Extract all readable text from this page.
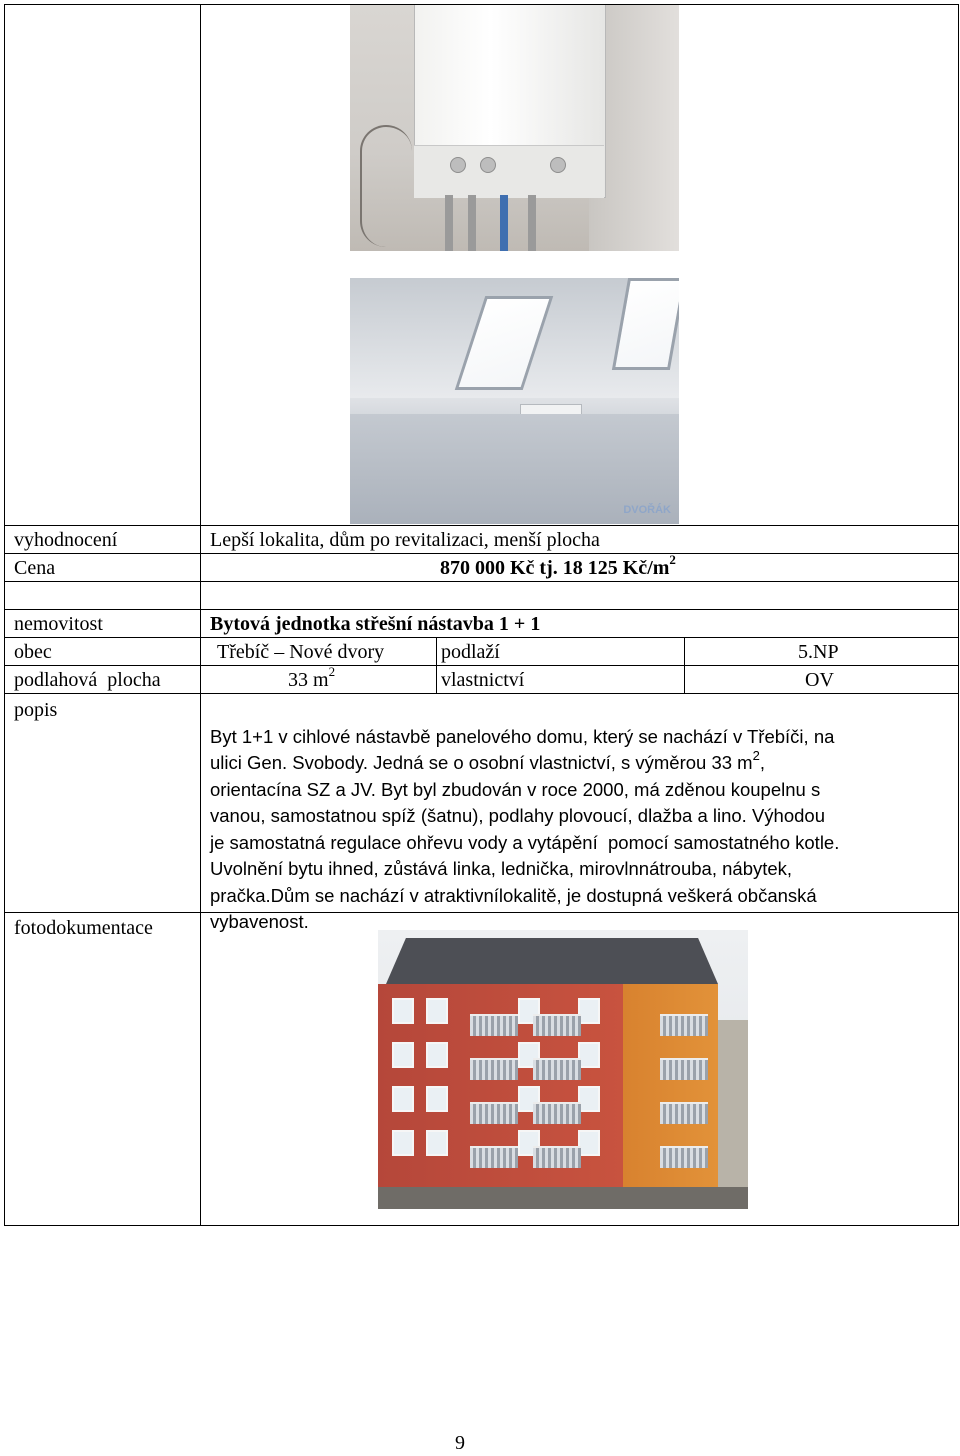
DVOŘÁK
vyhodnocení	Lepší lokalita, dům po revitalizaci, menší plocha
Cena	870 000 Kč tj. 18 125 $Kč/m^2$
nemovitost	Bytová jednotka střešní nástavba 1 + 1
obec	Třebíč – Nové dvory	podlaží	5.NP
podlahová  plocha	33 $m^2$	vlastnictví	OV
popis

Byt 1+1 v cihlové nástavbě panelového domu, který se nachází v Třebíči, na
ulici Gen. Svobody. Jedná se o osobní vlastnictví, s výměrou 33 $m^2$,
orientacína SZ a JV. Byt byl zbudován v roce 2000, má zděnou koupelnu s
vanou, samostatnou spíž (šatnu), podlahy plovoucí, dlažba a lino. Výhodou
je samostatná regulace ohřevu vody a vytápění  pomocí samostatného kotle.
Uvolnění bytu ihned, zůstává linka, lednička, mirovlnnátrouba, nábytek,
pračka.Dům se nachází v atraktivnílokalitě, je dostupná veškerá občanská
vybavenost.

fotodokumentace
9
